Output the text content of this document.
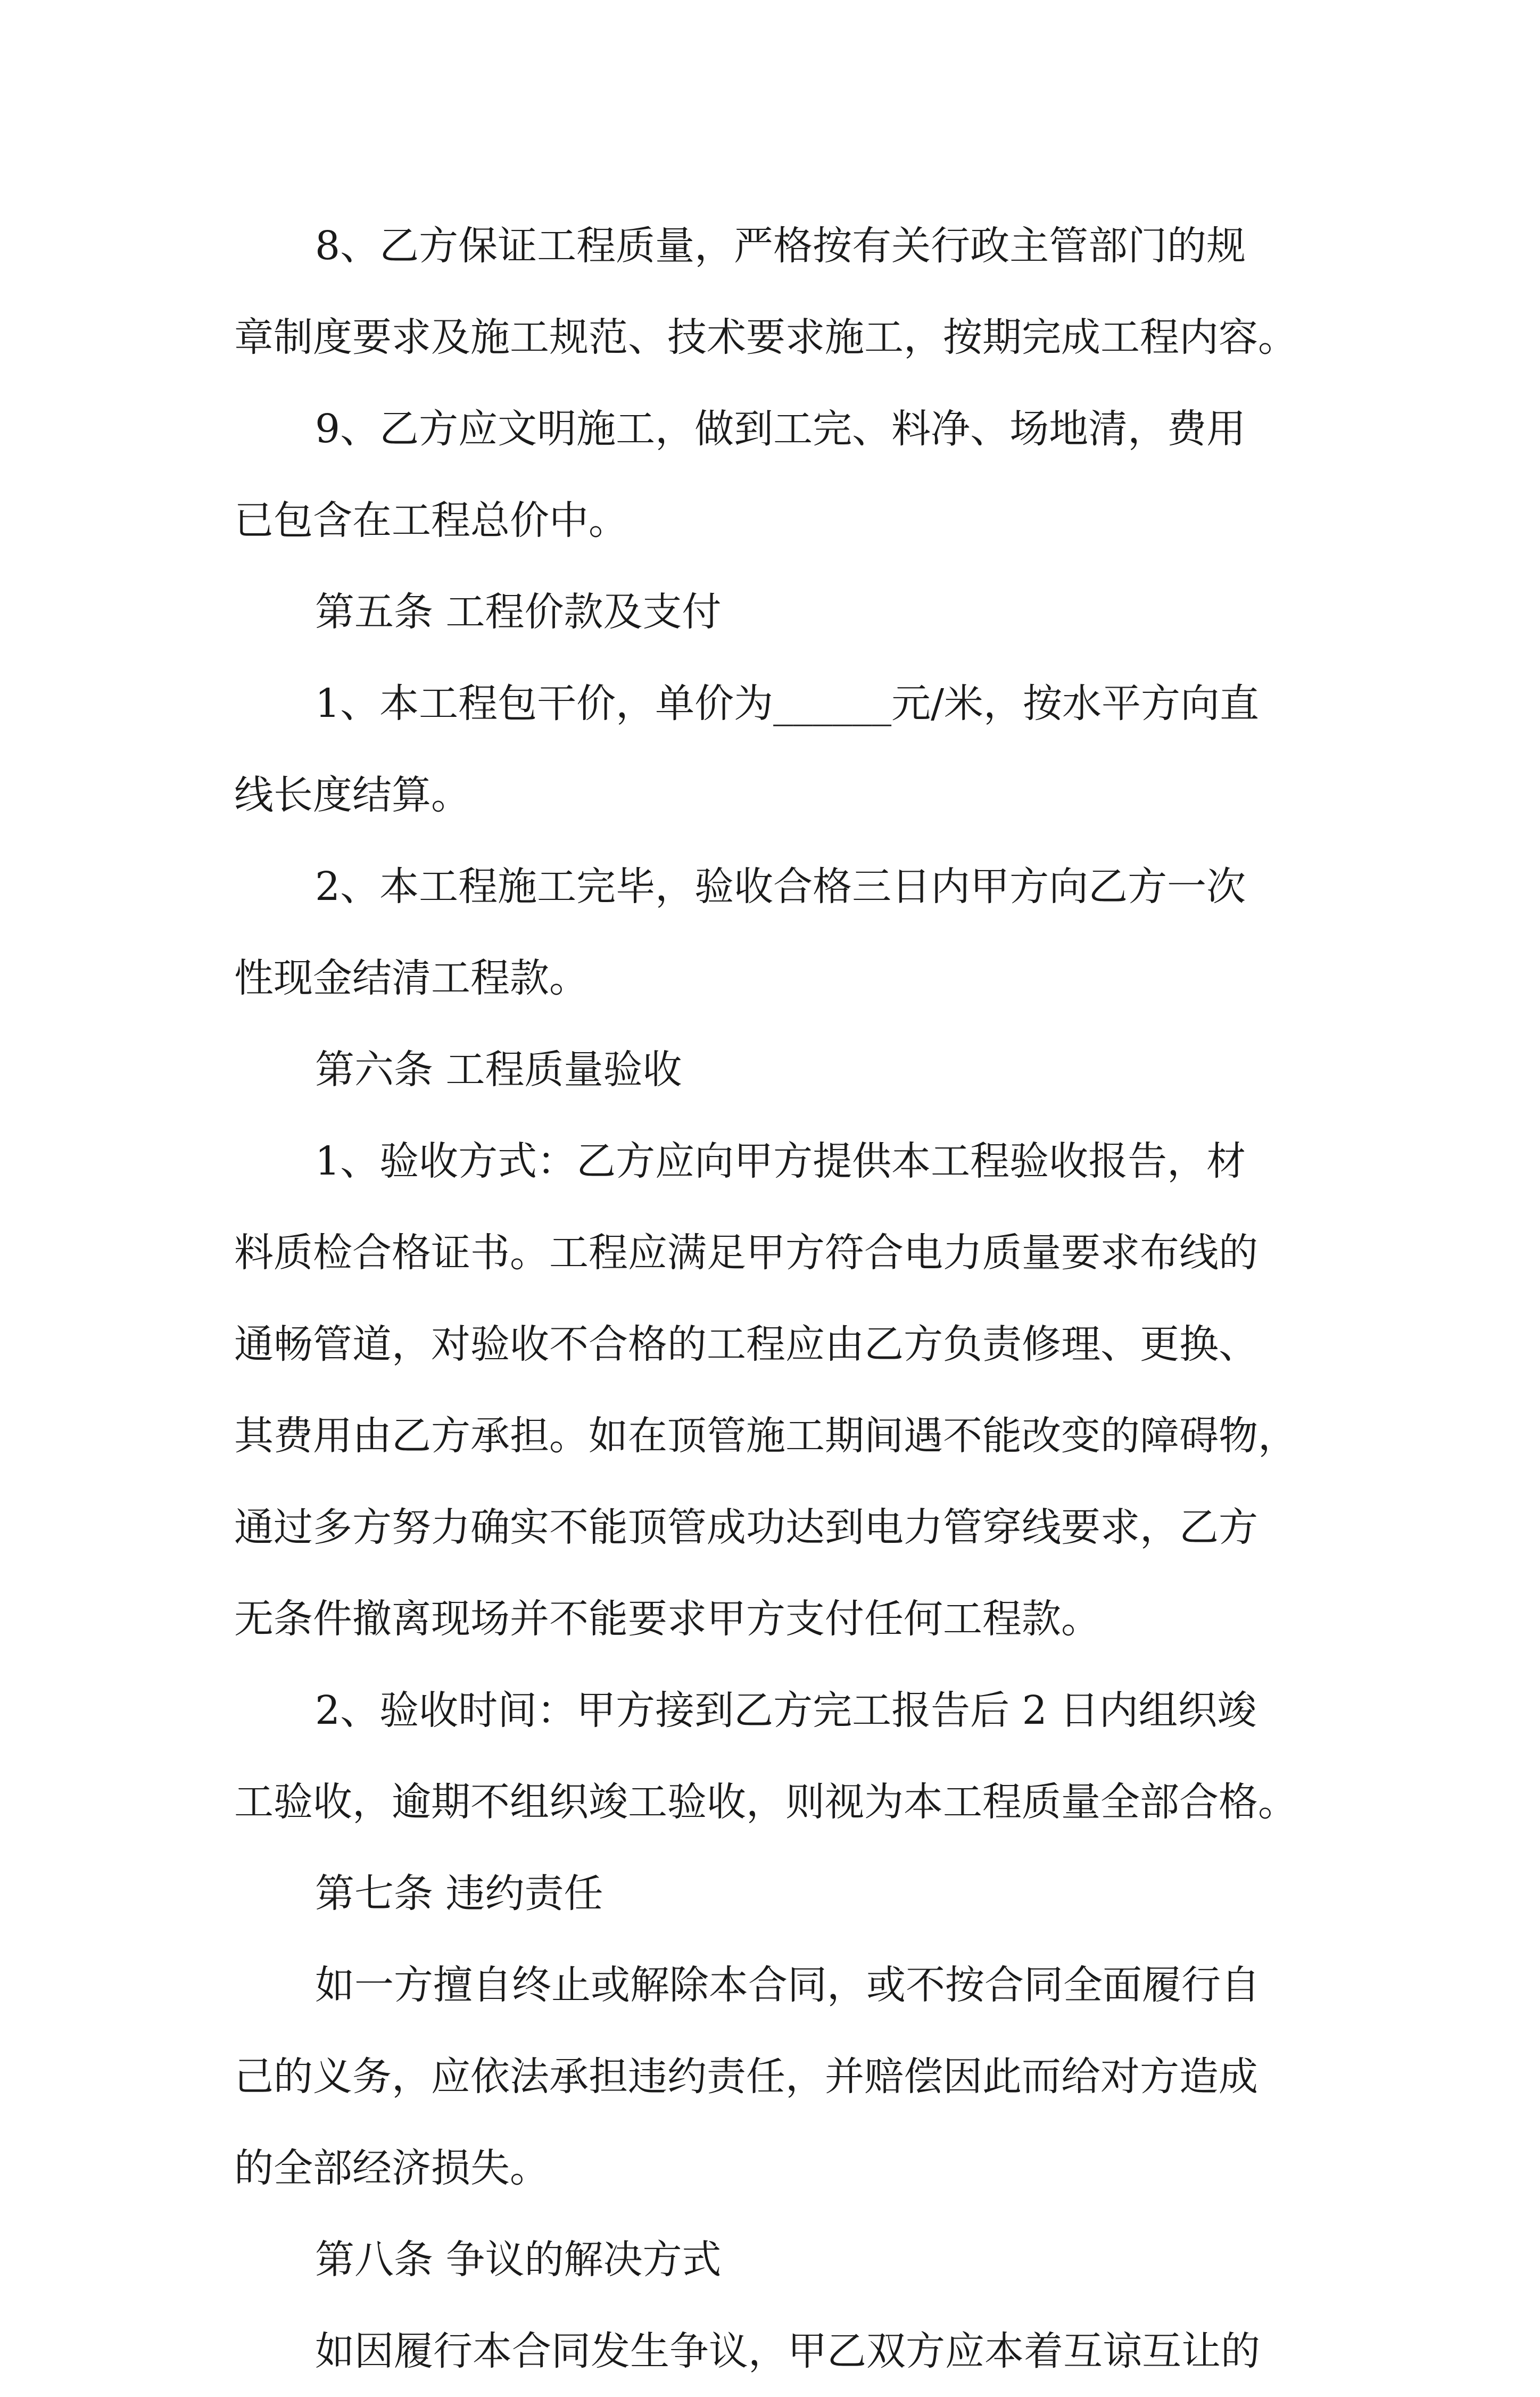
8、乙方保证工程质量，严格按有关行政主管部门的规
章制度要求及施工规范、技术要求施工，按期完成工程内容。
9、乙方应文明施工，做到工完、料净、场地清，费用
已包含在工程总价中。
第五条 工程价款及支付
1、本工程包干价，单价为______元/米，按水平方向直
线长度结算。
2、本工程施工完毕，验收合格三日内甲方向乙方一次
性现金结清工程款。
第六条 工程质量验收
1、验收方式：乙方应向甲方提供本工程验收报告，材
料质检合格证书。工程应满足甲方符合电力质量要求布线的
通畅管道，对验收不合格的工程应由乙方负责修理、更换、
其费用由乙方承担。如在顶管施工期间遇不能改变的障碍物，
通过多方努力确实不能顶管成功达到电力管穿线要求，乙方
无条件撤离现场并不能要求甲方支付任何工程款。
2、验收时间：甲方接到乙方完工报告后 2 日内组织竣
工验收，逾期不组织竣工验收，则视为本工程质量全部合格。
第七条 违约责任
如一方擅自终止或解除本合同，或不按合同全面履行自
己的义务，应依法承担违约责任，并赔偿因此而给对方造成
的全部经济损失。
第八条 争议的解决方式
如因履行本合同发生争议，甲乙双方应本着互谅互让的
